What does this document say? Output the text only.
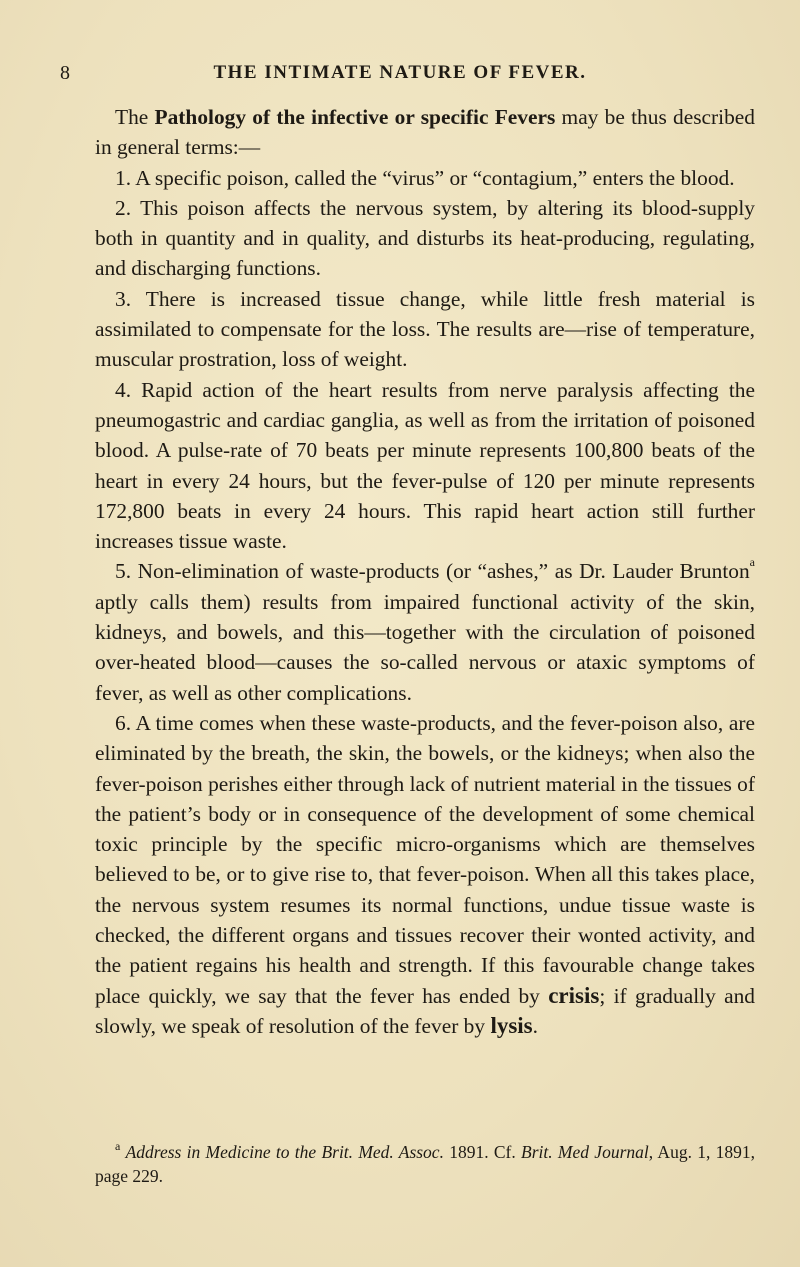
8	THE INTIMATE NATURE OF FEVER.

The Pathology of the infective or specific Fevers may be thus described in general terms:—

1. A specific poison, called the “virus” or “contagium,” enters the blood.

2. This poison affects the nervous system, by altering its blood-supply both in quantity and in quality, and disturbs its heat-producing, regulating, and discharging functions.

3. There is increased tissue change, while little fresh material is assimilated to compensate for the loss. The results are—rise of temperature, muscular prostration, loss of weight.

4. Rapid action of the heart results from nerve paralysis affecting the pneumogastric and cardiac ganglia, as well as from the irritation of poisoned blood. A pulse-rate of 70 beats per minute represents 100,800 beats of the heart in every 24 hours, but the fever-pulse of 120 per minute represents 172,800 beats in every 24 hours. This rapid heart action still further increases tissue waste.

5. Non-elimination of waste-products (or “ashes,” as Dr. Lauder Brunton$^a$ aptly calls them) results from impaired functional activity of the skin, kidneys, and bowels, and this—together with the circulation of poisoned over-heated blood—causes the so-called nervous or ataxic symptoms of fever, as well as other complications.

6. A time comes when these waste-products, and the fever-poison also, are eliminated by the breath, the skin, the bowels, or the kidneys; when also the fever-poison perishes either through lack of nutrient material in the tissues of the patient’s body or in consequence of the development of some chemical toxic principle by the specific micro-organisms which are themselves believed to be, or to give rise to, that fever-poison. When all this takes place, the nervous system resumes its normal functions, undue tissue waste is checked, the different organs and tissues recover their wonted activity, and the patient regains his health and strength. If this favourable change takes place quickly, we say that the fever has ended by crisis; if gradually and slowly, we speak of resolution of the fever by lysis.

$^a$ Address in Medicine to the Brit. Med. Assoc. 1891. Cf. Brit. Med Journal, Aug. 1, 1891, page 229.
